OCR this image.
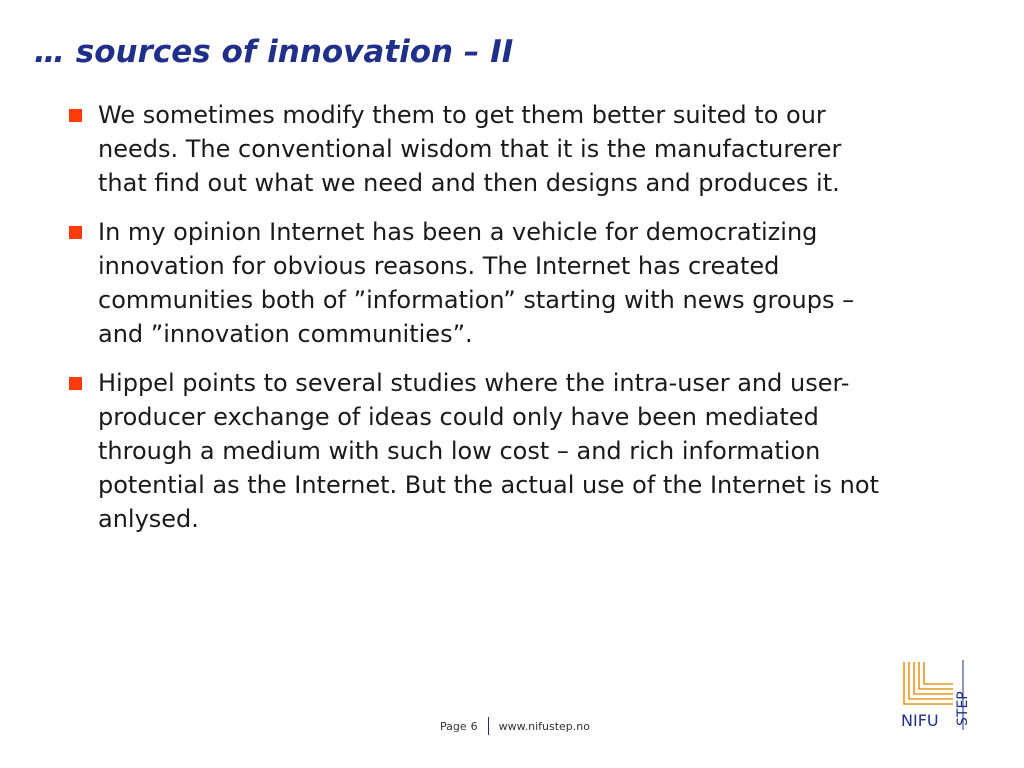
… sources of innovation – II
We sometimes modify them to get them better suited to our needs. The conventional wisdom that it is the manufacturerer that find out what we need and then designs and produces it.
In my opinion Internet has been a vehicle for democratizing innovation for obvious reasons. The Internet has created communities both of ”information” starting with news groups – and ”innovation communities”.
Hippel points to several studies where the intra-user and user-producer exchange of ideas could only have been mediated through a medium with such low cost – and rich information potential as the Internet. But the actual use of the Internet is not anlysed.
Page 6 www.nifustep.no	NIFU STEP
